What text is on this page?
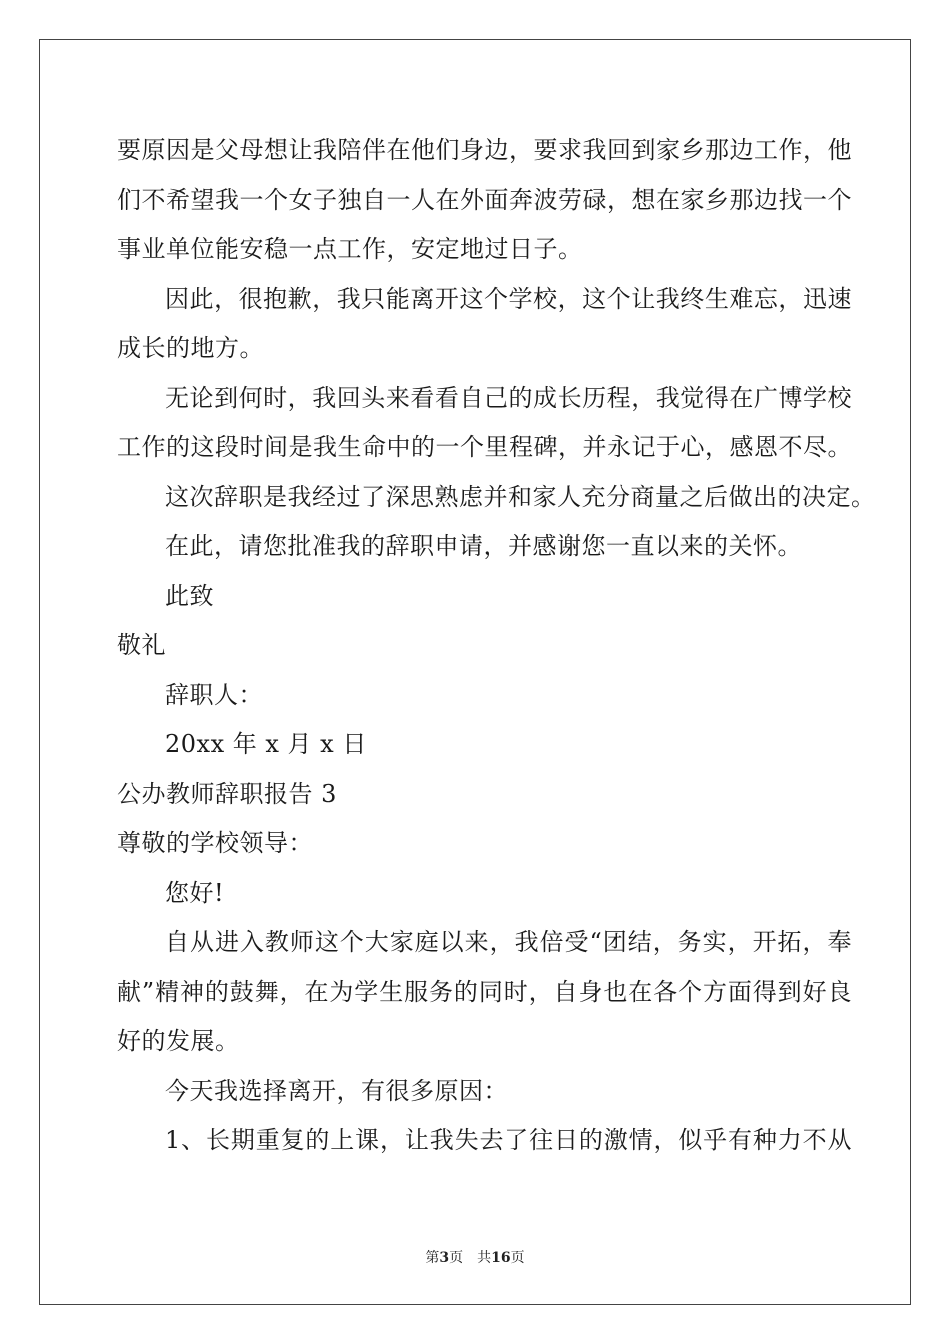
要原因是父母想让我陪伴在他们身边，要求我回到家乡那边工作，他
们不希望我一个女子独自一人在外面奔波劳碌，想在家乡那边找一个
事业单位能安稳一点工作，安定地过日子。
因此，很抱歉，我只能离开这个学校，这个让我终生难忘，迅速
成长的地方。
无论到何时，我回头来看看自己的成长历程，我觉得在广博学校
工作的这段时间是我生命中的一个里程碑，并永记于心，感恩不尽。
这次辞职是我经过了深思熟虑并和家人充分商量之后做出的决定。
在此，请您批准我的辞职申请，并感谢您一直以来的关怀。
此致
敬礼
辞职人：
20xx 年 x 月 x 日
公办教师辞职报告 3
尊敬的学校领导：
您好!
自从进入教师这个大家庭以来，我倍受“团结，务实，开拓，奉
献”精神的鼓舞，在为学生服务的同时，自身也在各个方面得到好良
好的发展。
今天我选择离开，有很多原因：
1、长期重复的上课，让我失去了往日的激情，似乎有种力不从
第3页 共16页
